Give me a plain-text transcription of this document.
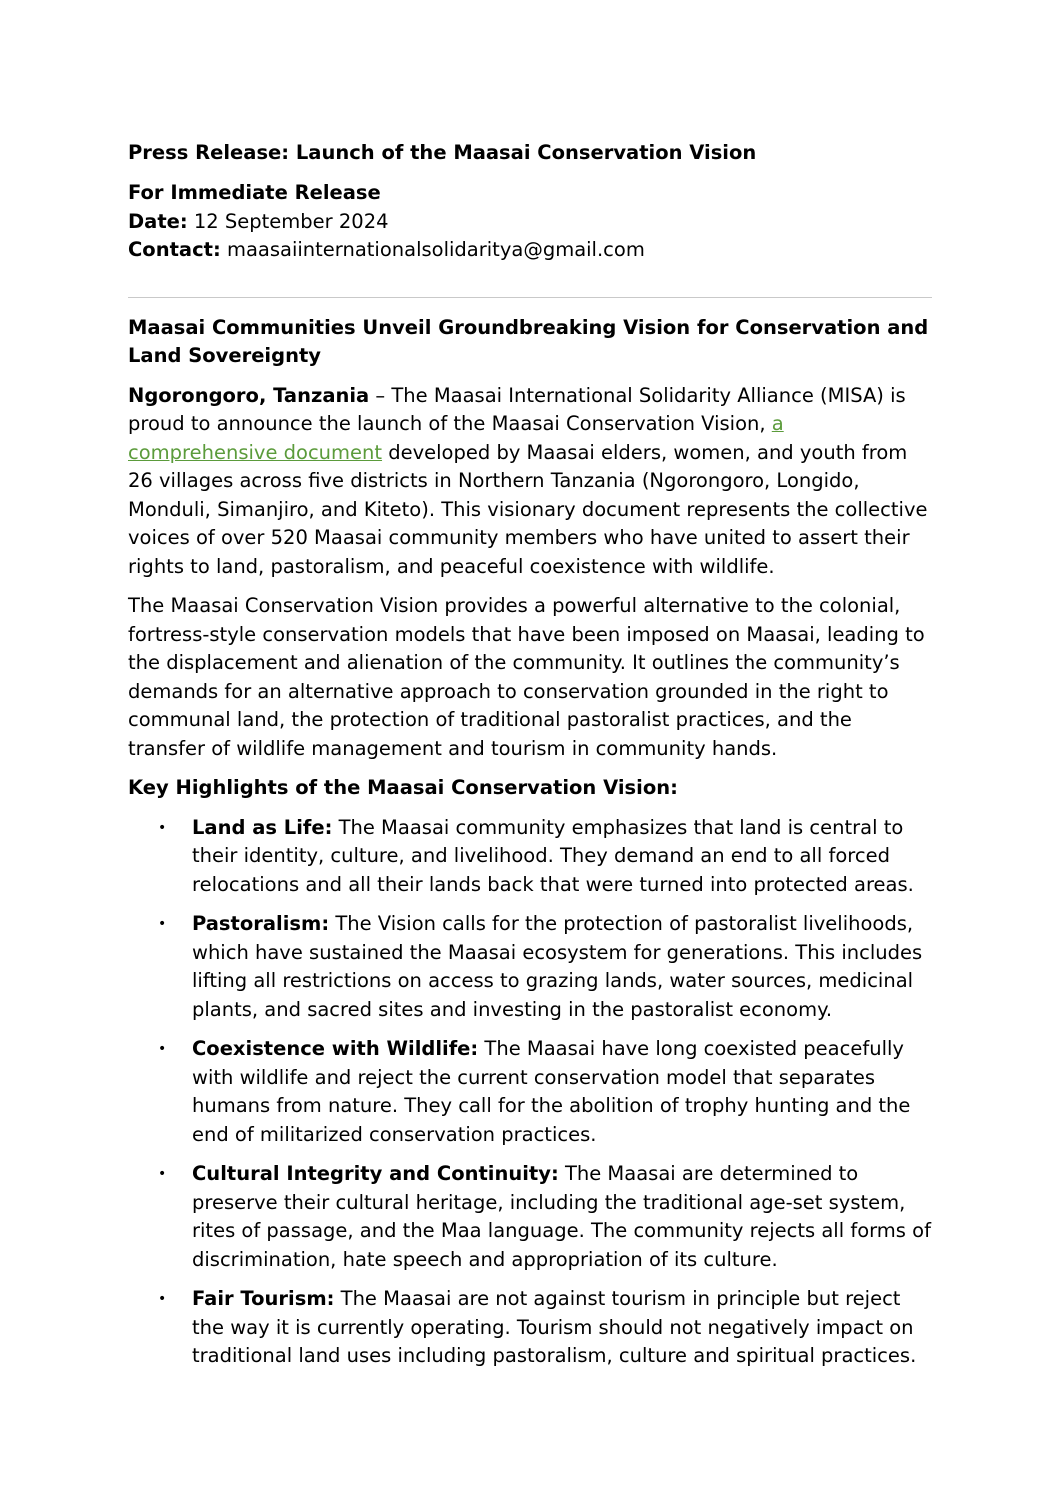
Press Release: Launch of the Maasai Conservation Vision
For Immediate Release
Date: 12 September 2024
Contact: maasaiinternationalsolidaritya@gmail.com
Maasai Communities Unveil Groundbreaking Vision for Conservation and Land Sovereignty

Ngorongoro, Tanzania – The Maasai International Solidarity Alliance (MISA) is proud to announce the launch of the Maasai Conservation Vision, a comprehensive document developed by Maasai elders, women, and youth from 26 villages across five districts in Northern Tanzania (Ngorongoro, Longido, Monduli, Simanjiro, and Kiteto). This visionary document represents the collective voices of over 520 Maasai community members who have united to assert their rights to land, pastoralism, and peaceful coexistence with wildlife.

The Maasai Conservation Vision provides a powerful alternative to the colonial, fortress-style conservation models that have been imposed on Maasai, leading to the displacement and alienation of the community. It outlines the community’s demands for an alternative approach to conservation grounded in the right to communal land, the protection of traditional pastoralist practices, and the transfer of wildlife management and tourism in community hands.

Key Highlights of the Maasai Conservation Vision:
• Land as Life: The Maasai community emphasizes that land is central to their identity, culture, and livelihood. They demand an end to all forced relocations and all their lands back that were turned into protected areas.
• Pastoralism: The Vision calls for the protection of pastoralist livelihoods, which have sustained the Maasai ecosystem for generations. This includes lifting all restrictions on access to grazing lands, water sources, medicinal plants, and sacred sites and investing in the pastoralist economy.
• Coexistence with Wildlife: The Maasai have long coexisted peacefully with wildlife and reject the current conservation model that separates humans from nature. They call for the abolition of trophy hunting and the end of militarized conservation practices.
• Cultural Integrity and Continuity: The Maasai are determined to preserve their cultural heritage, including the traditional age-set system, rites of passage, and the Maa language. The community rejects all forms of discrimination, hate speech and appropriation of its culture.
• Fair Tourism: The Maasai are not against tourism in principle but reject the way it is currently operating. Tourism should not negatively impact on traditional land uses including pastoralism, culture and spiritual practices.
